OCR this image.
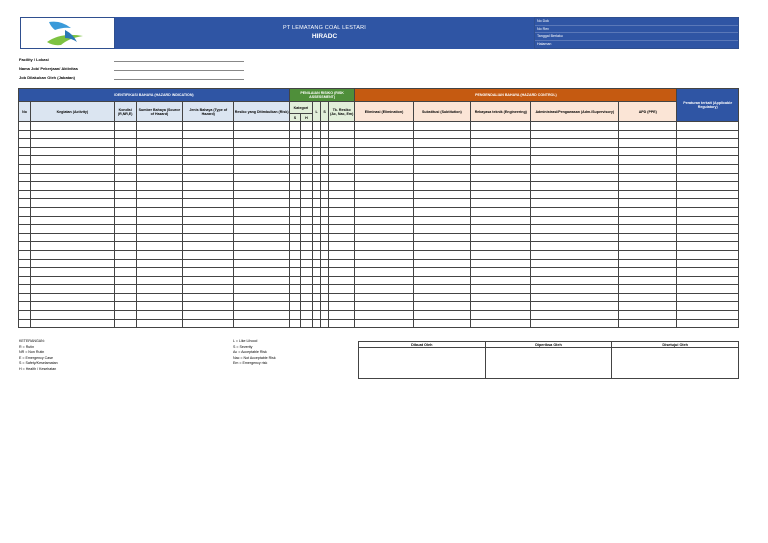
PT LEMATANG COAL LESTARI
HIRADC
No Dok
No Rev
Tanggal Berlaku
Halaman
Facility / Lokasi
Nama Job/ Pekerjaan/ Aktivitas
Job Dilakukan Oleh (Jabatan)
IDENTIFIKASI BAHAYA (HAZARD INDICATION)						PENILAIAN RISIKO (RISK ASSESSMENT)					PENGENDALIAN BAHAYA (HAZARD CONTROL)					Peraturan terkait (Applicable Regulatory)
No	Kegiatan (Activity)	Kondisi (R,NR,E)	Sumber Bahaya (Source of Hazard)	Jenis Bahaya (Type of Hazard)	Resiko yang Ditimbulkan (Risk)	Kategori		L	S	Tk. Resiko (Ac, Nac, Em)	Eliminasi (Elimination)	Substitusi (Subtitution)	Rekayasa teknik (Engineering)	Administrasi/Pengawasan (Adm./Supervisory)	APD (PPE)	
						S	H									

KETERANGAN:
R = Rutin
NR = Non Rutin
E = Emergency Case
S = Safety/Keselamatan
H = Health / Kesehatan
L = Like Lihood
S = Severity
Ac = Acceptable Risk
Nac = Not Acceptable Risk
Em = Emergency risk
Dibuat Oleh	Diperiksa Oleh	Disetujui Oleh
